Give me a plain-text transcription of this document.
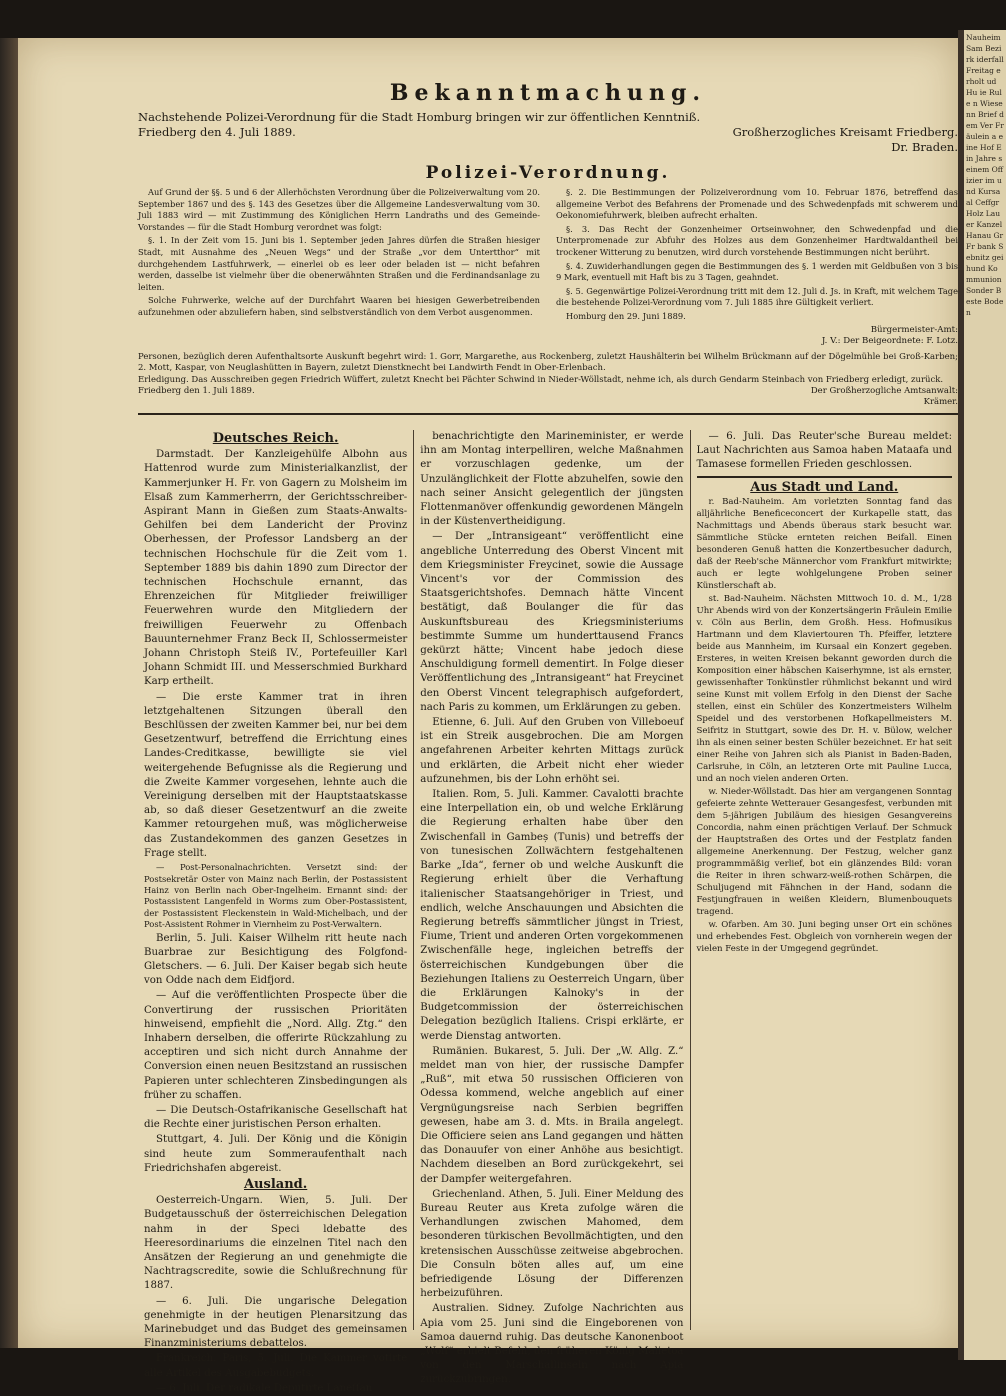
Bekanntmachung.
Nachstehende Polizei-Verordnung für die Stadt Homburg bringen wir zur öffentlichen Kenntniß.
Friedberg den 4. Juli 1889.	Großherzogliches Kreisamt Friedberg.
Dr. Braden.
Polizei-Verordnung.

Auf Grund der §§. 5 und 6 der Allerhöchsten Verordnung über die Polizeiverwaltung vom 20. September 1867 und des §. 143 des Gesetzes über die Allgemeine Landesverwaltung vom 30. Juli 1883 wird — mit Zustimmung des Königlichen Herrn Landraths und des Gemeinde-Vorstandes — für die Stadt Homburg verordnet was folgt:

§. 1. In der Zeit vom 15. Juni bis 1. September jeden Jahres dürfen die Straßen hiesiger Stadt, mit Ausnahme des „Neuen Wegs“ und der Straße „vor dem Untertthor“ mit durchgehendem Lastfuhrwerk, — einerlei ob es leer oder beladen ist — nicht befahren werden, dasselbe ist vielmehr über die obenerwähnten Straßen und die Ferdinandsanlage zu leiten.

Solche Fuhrwerke, welche auf der Durchfahrt Waaren bei hiesigen Gewerbetreibenden aufzunehmen oder abzuliefern haben, sind selbstverständlich von dem Verbot ausgenommen.

§. 2. Die Bestimmungen der Polizeiverordnung vom 10. Februar 1876, betreffend das allgemeine Verbot des Befahrens der Promenade und des Schwedenpfads mit schwerem und Oekonomiefuhrwerk, bleiben aufrecht erhalten.

§. 3. Das Recht der Gonzenheimer Ortseinwohner, den Schwedenpfad und die Unterpromenade zur Abfuhr des Holzes aus dem Gonzenheimer Hardtwaldantheil bei trockener Witterung zu benutzen, wird durch vorstehende Bestimmungen nicht berührt.

§. 4. Zuwiderhandlungen gegen die Bestimmungen des §. 1 werden mit Geldbußen von 3 bis 9 Mark, eventuell mit Haft bis zu 3 Tagen, geahndet.

§. 5. Gegenwärtige Polizei-Verordnung tritt mit dem 12. Juli d. Js. in Kraft, mit welchem Tage die bestehende Polizei-Verordnung vom 7. Juli 1885 ihre Gültigkeit verliert.

Homburg den 29. Juni 1889.

Bürgermeister-Amt:
J. V.: Der Beigeordnete: F. Lotz.

Personen, bezüglich deren Aufenthaltsorte Auskunft begehrt wird: 1. Gorr, Margarethe, aus Rockenberg, zuletzt Haushälterin bei Wilhelm Brückmann auf der Dögelmühle bei Groß-Karben; 2. Mott, Kaspar, von Neuglashütten in Bayern, zuletzt Dienstknecht bei Landwirth Fendt in Ober-Erlenbach.

Erledigung. Das Ausschreiben gegen Friedrich Wüffert, zuletzt Knecht bei Pächter Schwind in Nieder-Wöllstadt, nehme ich, als durch Gendarm Steinbach von Friedberg erledigt, zurück.

Friedberg den 1. Juli 1889.	Der Großherzogliche Amtsanwalt:
Krämer.
Deutsches Reich.

Darmstadt. Der Kanzleigehülfe Albohn aus Hattenrod wurde zum Ministerialkanzlist, der Kammerjunker H. Fr. von Gagern zu Molsheim im Elsaß zum Kammerherrn, der Gerichtsschreiber-Aspirant Mann in Gießen zum Staats-Anwalts-Gehilfen bei dem Landericht der Provinz Oberhessen, der Professor Landsberg an der technischen Hochschule für die Zeit vom 1. September 1889 bis dahin 1890 zum Director der technischen Hochschule ernannt, das Ehrenzeichen für Mitglieder freiwilliger Feuerwehren wurde den Mitgliedern der freiwilligen Feuerwehr zu Offenbach Bauunternehmer Franz Beck II, Schlossermeister Johann Christoph Steiß IV., Portefeuiller Karl Johann Schmidt III. und Messerschmied Burkhard Karp ertheilt.

— Die erste Kammer trat in ihren letztgehaltenen Sitzungen überall den Beschlüssen der zweiten Kammer bei, nur bei dem Gesetzentwurf, betreffend die Errichtung eines Landes-Creditkasse, bewilligte sie viel weitergehende Befugnisse als die Regierung und die Zweite Kammer vorgesehen, lehnte auch die Vereinigung derselben mit der Hauptstaatskasse ab, so daß dieser Gesetzentwurf an die zweite Kammer retourgehen muß, was möglicherweise das Zustandekommen des ganzen Gesetzes in Frage stellt.

— Post-Personalnachrichten. Versetzt sind: der Postsekretär Oster von Mainz nach Berlin, der Postassistent Hainz von Berlin nach Ober-Ingelheim. Ernannt sind: der Postassistent Langenfeld in Worms zum Ober-Postassistent, der Postassistent Fleckenstein in Wald-Michelbach, und der Post-Assistent Rohmer in Viernheim zu Post-Verwaltern.

Berlin, 5. Juli. Kaiser Wilhelm ritt heute nach Buarbrae zur Besichtigung des Folgfond-Gletschers. — 6. Juli. Der Kaiser begab sich heute von Odde nach dem Eidfjord.

— Auf die veröffentlichten Prospecte über die Convertirung der russischen Prioritäten hinweisend, empfiehlt die „Nord. Allg. Ztg.“ den Inhabern derselben, die offerirte Rückzahlung zu acceptiren und sich nicht durch Annahme der Conversion einen neuen Besitzstand an russischen Papieren unter schlechteren Zinsbedingungen als früher zu schaffen.

— Die Deutsch-Ostafrikanische Gesellschaft hat die Rechte einer juristischen Person erhalten.

Stuttgart, 4. Juli. Der König und die Königin sind heute zum Sommeraufenthalt nach Friedrichshafen abgereist.

Ausland.

Oesterreich-Ungarn. Wien, 5. Juli. Der Budgetausschuß der österreichischen Delegation nahm in der Speci ldebatte des Heeresordinariums die einzelnen Titel nach den Ansätzen der Regierung an und genehmigte die Nachtragscredite, sowie die Schlußrechnung für 1887.

— 6. Juli. Die ungarische Delegation genehmigte in der heutigen Plenarsitzung das Marinebudget und das Budget des gemeinsamen Finanzministeriums debattelos.

Frankreich. Paris, 5. Juli. Die Kammer votirte alle Artikel des Ausgabebudgets.

— 6. Juli. Der radikale Deputirte Laneſſan

benachrichtigte den Marineminister, er werde ihn am Montag interpelliren, welche Maßnahmen er vorzuschlagen gedenke, um der Unzulänglichkeit der Flotte abzuhelfen, sowie den nach seiner Ansicht gelegentlich der jüngsten Flottenmanöver offenkundig gewordenen Mängeln in der Küstenvertheidigung.

— Der „Intransigeant“ veröffentlicht eine angebliche Unterredung des Oberst Vincent mit dem Kriegsminister Freycinet, sowie die Aussage Vincent's vor der Commission des Staatsgerichtshofes. Demnach hätte Vincent bestätigt, daß Boulanger die für das Auskunftsbureau des Kriegsministeriums bestimmte Summe um hunderttausend Francs gekürzt hätte; Vincent habe jedoch diese Anschuldigung formell dementirt. In Folge dieser Veröffentlichung des „Intransigeant“ hat Freycinet den Oberst Vincent telegraphisch aufgefordert, nach Paris zu kommen, um Erklärungen zu geben.

Etienne, 6. Juli. Auf den Gruben von Villeboeuf ist ein Streik ausgebrochen. Die am Morgen angefahrenen Arbeiter kehrten Mittags zurück und erklärten, die Arbeit nicht eher wieder aufzunehmen, bis der Lohn erhöht sei.

Italien. Rom, 5. Juli. Kammer. Cavalotti brachte eine Interpellation ein, ob und welche Erklärung die Regierung erhalten habe über den Zwischenfall in Gambeș (Tunis) und betreffs der von tunesischen Zollwächtern festgehaltenen Barke „Ida“, ferner ob und welche Auskunft die Regierung erhielt über die Verhaftung italienischer Staatsangehöriger in Triest, und endlich, welche Anschauungen und Absichten die Regierung betreffs sämmtlicher jüngst in Triest, Fiume, Trient und anderen Orten vorgekommenen Zwischenfälle hege, ingleichen betreffs der österreichischen Kundgebungen über die Beziehungen Italiens zu Oesterreich Ungarn, über die Erklärungen Kalnoky's in der Budgetcommission der österreichischen Delegation bezüglich Italiens. Crispi erklärte, er werde Dienstag antworten.

Rumänien. Bukarest, 5. Juli. Der „W. Allg. Z.“ meldet man von hier, der russische Dampfer „Ruß“, mit etwa 50 russischen Officieren von Odessa kommend, welche angeblich auf einer Vergnügungsreise nach Serbien begriffen gewesen, habe am 3. d. Mts. in Braila angelegt. Die Officiere seien ans Land gegangen und hätten das Donauufer von einer Anhöhe aus besichtigt. Nachdem dieselben an Bord zurückgekehrt, sei der Dampfer weitergefahren.

Griechenland. Athen, 5. Juli. Einer Meldung des Bureau Reuter aus Kreta zufolge wären die Verhandlungen zwischen Mahomed, dem besonderen türkischen Bevollmächtigten, und den kretensischen Ausschüsse zeitweise abgebrochen. Die Consuln böten alles auf, um eine befriedigende Lösung der Differenzen herbeizuführen.

Australien. Sidney. Zufolge Nachrichten aus Apia vom 25. Juni sind die Eingeborenen von Samoa dauernd ruhig. Das deutsche Kanonenboot „Wolf“ erhielt Befehl, den früheren König Malietoa von den Marschallinseln nach Apia zurückzubringen.

— 6. Juli. Das Reuter'sche Bureau meldet: Laut Nachrichten aus Samoa haben Mataafa und Tamasese formellen Frieden geschlossen.

Aus Stadt und Land.

r. Bad-Nauheim. Am vorletzten Sonntag fand das alljährliche Beneficeconcert der Kurkapelle statt, das Nachmittags und Abends überaus stark besucht war. Sämmtliche Stücke ernteten reichen Beifall. Einen besonderen Genuß hatten die Konzertbesucher dadurch, daß der Reeb'sche Männerchor vom Frankfurt mitwirkte; auch er legte wohlgelungene Proben seiner Künstlerschaft ab.

st. Bad-Nauheim. Nächsten Mittwoch 10. d. M., 1/28 Uhr Abends wird von der Konzertsängerin Fräulein Emilie v. Cöln aus Berlin, dem Großh. Hess. Hofmusikus Hartmann und dem Klaviertouren Th. Pfeiffer, letztere beide aus Mannheim, im Kursaal ein Konzert gegeben. Ersteres, in weiten Kreisen bekannt geworden durch die Komposition einer häbschen Kaiserhymne, ist als ernster, gewissenhafter Tonkünstler rühmlichst bekannt und wird seine Kunst mit vollem Erfolg in den Dienst der Sache stellen, einst ein Schüler des Konzertmeisters Wilhelm Speidel und des verstorbenen Hofkapellmeisters M. Seifritz in Stuttgart, sowie des Dr. H. v. Bülow, welcher ihn als einen seiner besten Schüler bezeichnet. Er hat seit einer Reihe von Jahren sich als Pianist in Baden-Baden, Carlsruhe, in Cöln, an letzteren Orte mit Pauline Lucca, und an noch vielen anderen Orten.

w. Nieder-Wöllstadt. Das hier am vergangenen Sonntag gefeierte zehnte Wetterauer Gesangesfest, verbunden mit dem 5-jährigen Jubiläum des hiesigen Gesangvereins Concordia, nahm einen prächtigen Verlauf. Der Schmuck der Hauptstraßen des Ortes und der Festplatz fanden allgemeine Anerkennung. Der Festzug, welcher ganz programmmäßig verlief, bot ein glänzendes Bild: voran die Reiter in ihren schwarz-weiß-rothen Schärpen, die Schuljugend mit Fähnchen in der Hand, sodann die Festjungfrauen in weißen Kleidern, Blumenbouquets tragend.

w. Ofarben. Am 30. Juni beging unser Ort ein schönes und erhebendes Fest. Obgleich von vornherein wegen der vielen Feste in der Umgegend gegründet.

Nauheim Sam Bezirk iderfall Freitag erholt ud Hu ie Rule n Wiese nn Brief dem Ver Fräulein a eine Hof Ein Jahre seinem Offizier im und Kursaal Ceffgr Holz Lauer Kanzel Hanau Gr Fr bank Sebnitz geihund Kommunion Sonder Beste Boden
